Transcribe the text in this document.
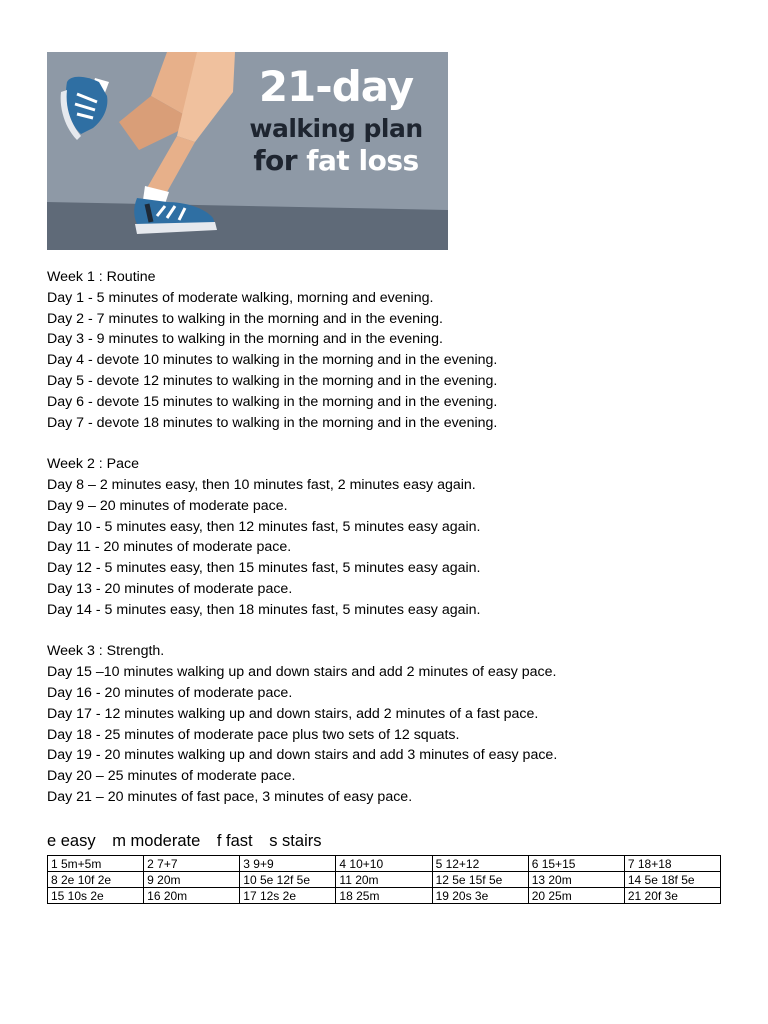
21-day
walking plan
for fat loss
Week 1 : Routine
Day 1 - 5 minutes of moderate walking, morning and evening.
Day 2 - 7 minutes to walking in the morning and in the evening.
Day 3 - 9 minutes to walking in the morning and in the evening.
Day 4 - devote 10 minutes to walking in the morning and in the evening.
Day 5 - devote 12 minutes to walking in the morning and in the evening.
Day 6 - devote 15 minutes to walking in the morning and in the evening.
Day 7 - devote 18 minutes to walking in the morning and in the evening.
Week 2 : Pace
Day 8 – 2 minutes easy, then 10 minutes fast, 2 minutes easy again.
Day 9 – 20 minutes of moderate pace.
Day 10 - 5 minutes easy, then 12 minutes fast, 5 minutes easy again.
Day 11 - 20 minutes of moderate pace.
Day 12 - 5 minutes easy, then 15 minutes fast, 5 minutes easy again.
Day 13 - 20 minutes of moderate pace.
Day 14 - 5 minutes easy, then 18 minutes fast, 5 minutes easy again.
Week 3 : Strength.
Day 15 –10 minutes walking up and down stairs and add 2 minutes of easy pace.
Day 16 - 20 minutes of moderate pace.
Day 17 - 12 minutes walking up and down stairs, add 2 minutes of a fast pace.
Day 18 - 25 minutes of moderate pace plus two sets of 12 squats.
Day 19 - 20 minutes walking up and down stairs and add 3 minutes of easy pace.
Day 20 – 25 minutes of moderate pace.
Day 21 – 20 minutes of fast pace, 3 minutes of easy pace.
e easy m moderate f fast s stairs
1 5m+5m	2 7+7	3 9+9	4 10+10	5 12+12	6 15+15	7 18+18
8 2e 10f 2e	9 20m	10 5e 12f 5e	11 20m	12 5e 15f 5e	13 20m	14 5e 18f 5e
15 10s 2e	16 20m	17 12s 2e	18 25m	19 20s 3e	20 25m	21 20f 3e
